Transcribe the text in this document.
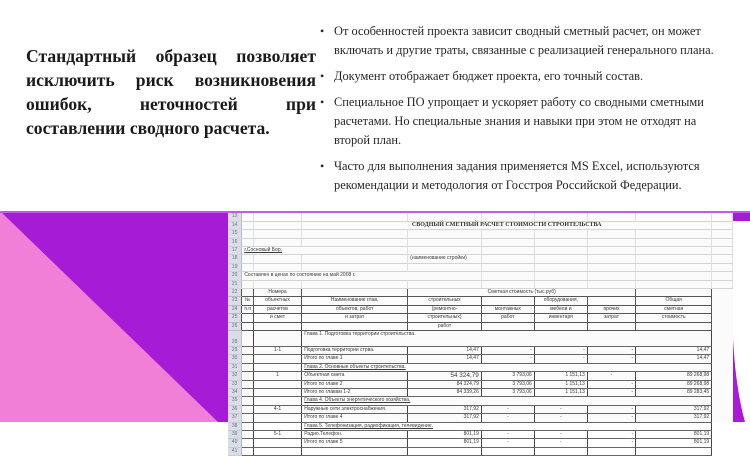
Стандартный образец позволяет исключить риск возникновения ошибок, неточностей при составлении сводного расчета.
• От особенностей проекта зависит сводный сметный расчет, он может включать и другие траты, связанные с реализацией генерального плана.
• Документ отображает бюджет проекта, его точный состав.
• Специальное ПО упрощает и ускоряет работу со сводными сметными расчетами. Но специальные знания и навыки при этом не отходят на второй план.
• Часто для выполнения задания применяется MS Excel, используются рекомендации и методология от Госстроя Российской Федерации.
13									
14			СВОДНЫЙ СМЕТНЫЙ РАСЧЕТ СТОИМОСТИ СТРОИТЕЛЬСТВА						
15									
16									
17	г.Сосновый Бор,								
18				(наименование стройки)					
19									
20	Составлен в ценах по состоянию на май 2008 г.								
21									
22		Номера		Сметная стоимость (тыс.руб)					
23	№	объектных	Наименование глав,	строительных		оборудования,		Общая	
24	п.п	расчетов	объектов, работ	(ремонтно-	монтажных	мебели и	прочих	сметная	
25		и смет	и затрат	строительных)	работ	инвентаря	затрат	стоимость	
26				работ					
28			Глава 1. Подготовка территории строительства.						
29		1-1	Подготовка территории стрва.	14,47	-	-	-	14,47	
30			Итого по главе 1	14,47	-	-	-	14,47	
31			Глава 2. Основные объекты строительства.						
32		1	Объектная смета	54 324,79	3 793,06	1 151,13	-	89 268,98	
33			Итого по главе 2	84 324,79	3 793,06	1 151,13	-	89 268,98	
34			Итого по главам 1-2	84 339,26	3 793,06	1 151,13	-	89 283,45	
35			Глава 4. Объекты энергетического хозяйства.						
36		4-1	Наружные сети электроснабжения.	317,92	-	-	-	317,92	
37			Итого по главе 4	317,92	-	-	-	317,92	
38			Глава 5. Телефонизация, радиофикация, телевидение.						
39		5-1	Радио.Телефон.	801,19	-	-	-	801,19	
40			Итого по главе 5	801,19	-	-	-	801,19	
41									
